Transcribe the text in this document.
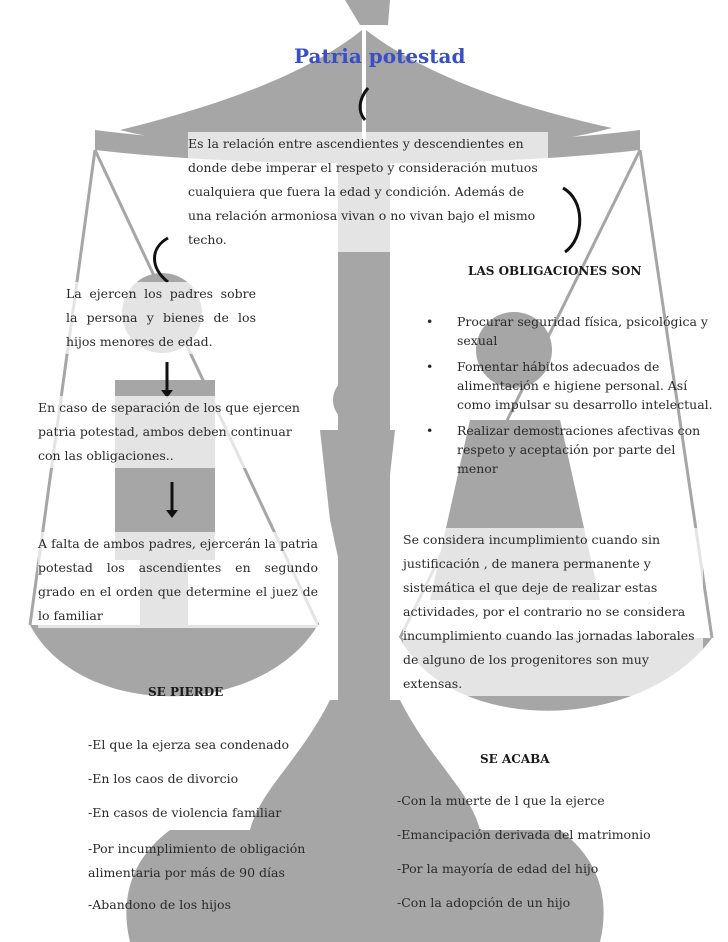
Patria potestad

Es la relación entre ascendientes y descendientes en donde debe imperar el respeto y consideración mutuos cualquiera que fuera la edad y condición. Además de una relación armoniosa vivan o no vivan bajo el mismo techo.

La ejercen los padres sobre la persona y bienes de los hijos menores de edad.

En caso de separación de los que ejercen patria potestad, ambos deben continuar con las obligaciones..

A falta de ambos padres, ejercerán la patria potestad los ascendientes en segundo grado en el orden que determine el juez de lo familiar

LAS OBLIGACIONES SON
• Procurar seguridad física, psicológica y sexual
• Fomentar hábitos adecuados de alimentación e higiene personal. Así como impulsar su desarrollo intelectual.
• Realizar demostraciones afectivas con respeto y aceptación por parte del menor

Se considera incumplimiento cuando sin justificación , de manera permanente y sistemática el que deje de realizar estas actividades, por el contrario no se considera incumplimiento cuando las jornadas laborales de alguno de los progenitores son muy extensas.

SE PIERDE
-El que la ejerza sea condenado
-En los caos de divorcio
-En casos de violencia familiar
-Por incumplimiento de obligación alimentaria por más de 90 días
-Abandono de los hijos
SE ACABA
-Con la muerte de l que la ejerce
-Emancipación derivada del matrimonio
-Por la mayoría de edad del hijo
-Con la adopción de un hijo
